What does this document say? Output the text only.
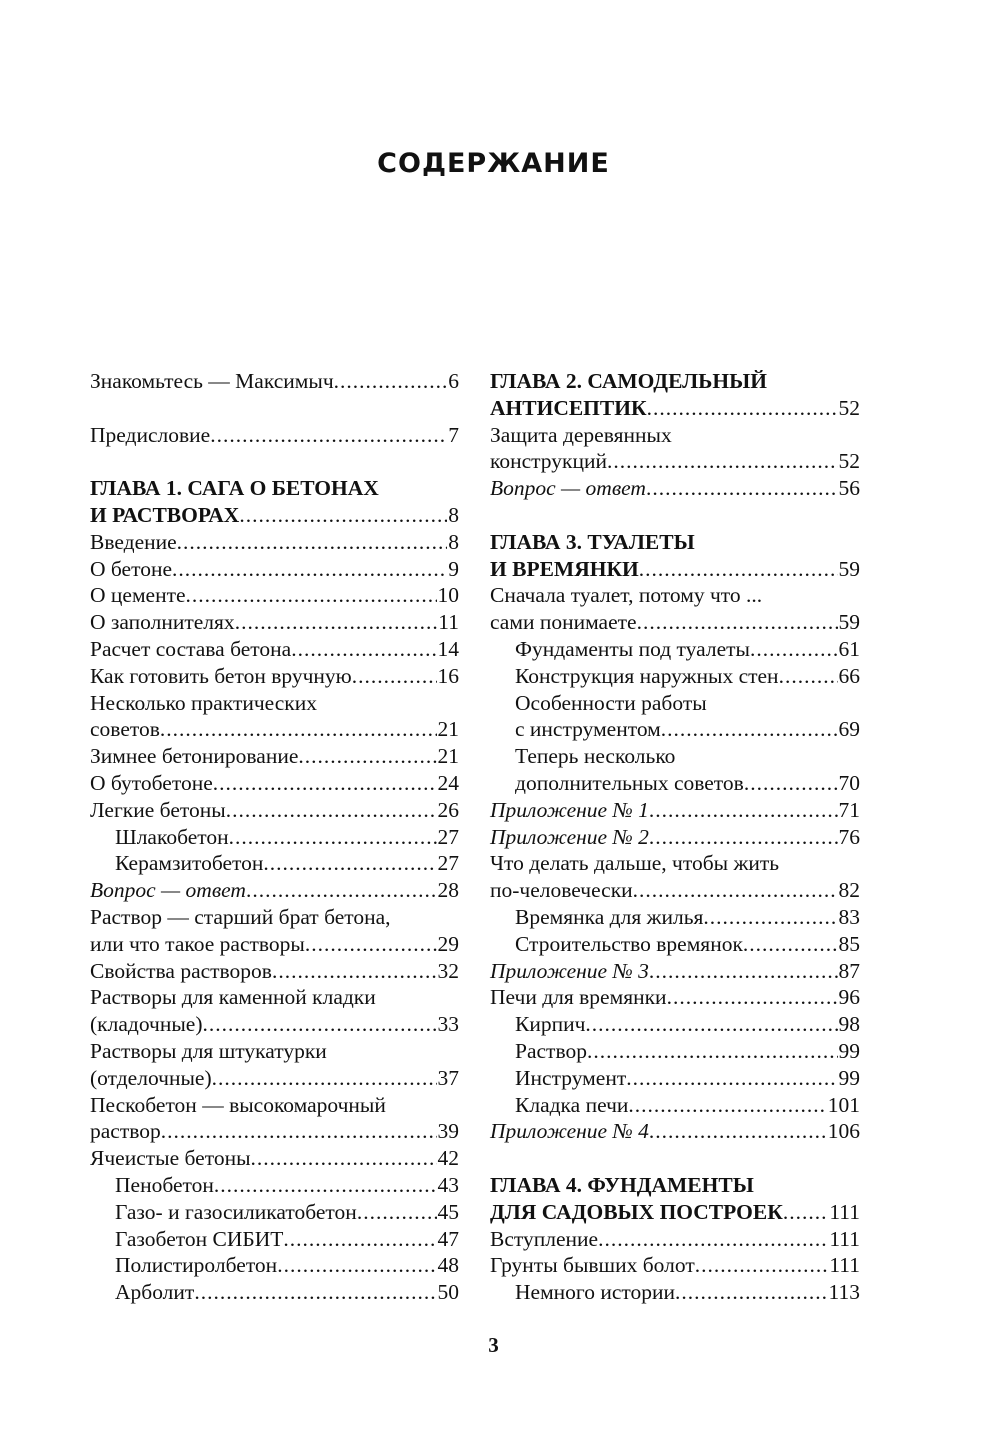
СОДЕРЖАНИЕ
Знакомьтесь — Максимыч .....	6
Предисловие .....	7
ГЛАВА 1. САГА О БЕТОНАХ
И РАСТВОРАХ .....	8
Введение .....	8
О бетоне .....	9
О цементе .....	10
О заполнителях .....	11
Расчет состава бетона .....	14
Как готовить бетон вручную .....	16
Несколько практических
советов .....	21
Зимнее бетонирование .....	21
О бутобетоне .....	24
Легкие бетоны .....	26
Шлакобетон .....	27
Керамзитобетон .....	27
Вопрос — ответ .....	28
Раствор — старший брат бетона,
или что такое растворы .....	29
Свойства растворов .....	32
Растворы для каменной кладки
(кладочные) .....	33
Растворы для штукатурки
(отделочные) .....	37
Пескобетон — высокомарочный
раствор .....	39
Ячеистые бетоны .....	42
Пенобетон .....	43
Газо- и газосиликатобетон .....	45
Газобетон СИБИТ .....	47
Полистиролбетон .....	48
Арболит .....	50
ГЛАВА 2. САМОДЕЛЬНЫЙ
АНТИСЕПТИК .....	52
Защита деревянных
конструкций .....	52
Вопрос — ответ .....	56
ГЛАВА 3. ТУАЛЕТЫ
И ВРЕМЯНКИ .....	59
Сначала туалет, потому что ...
сами понимаете .....	59
Фундаменты под туалеты .....	61
Конструкция наружных стен .....	66
Особенности работы
с инструментом .....	69
Теперь несколько
дополнительных советов .....	70
Приложение № 1 .....	71
Приложение № 2 .....	76
Что делать дальше, чтобы жить
по-человечески .....	82
Времянка для жилья .....	83
Строительство времянок .....	85
Приложение № 3 .....	87
Печи для времянки .....	96
Кирпич .....	98
Раствор .....	99
Инструмент .....	99
Кладка печи .....	101
Приложение № 4 .....	106
ГЛАВА 4. ФУНДАМЕНТЫ
ДЛЯ САДОВЫХ ПОСТРОЕК ..... 111
Вступление .....	111
Грунты бывших болот .....	111
Немного истории .....	113
3
